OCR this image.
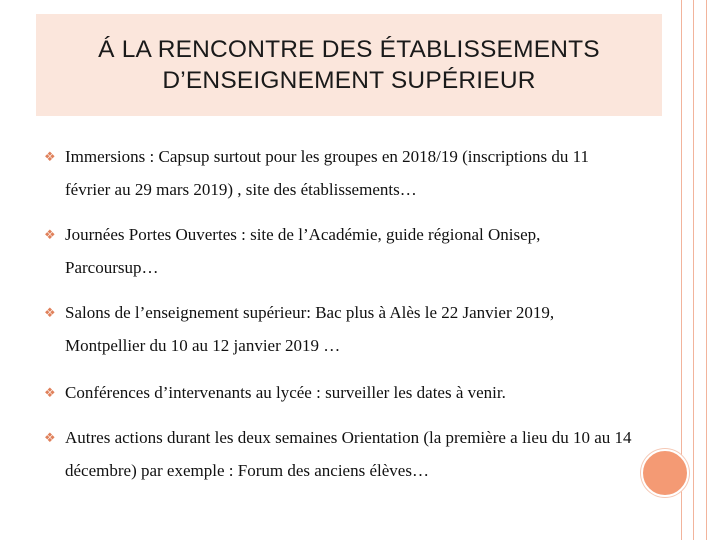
Á LA RENCONTRE DES ÉTABLISSEMENTS D’ENSEIGNEMENT SUPÉRIEUR
❖ Immersions : Capsup surtout pour les groupes en 2018/19 (inscriptions du 11 février au 29 mars 2019) , site des établissements…
❖ Journées Portes Ouvertes : site de l’Académie, guide régional Onisep, Parcoursup…
❖ Salons de l’enseignement supérieur: Bac plus à Alès le 22 Janvier 2019, Montpellier du 10 au 12 janvier 2019 …
❖ Conférences d’intervenants au lycée : surveiller les dates à venir.
❖ Autres actions durant les deux semaines Orientation (la première a lieu du 10 au 14 décembre) par exemple : Forum des anciens élèves…
